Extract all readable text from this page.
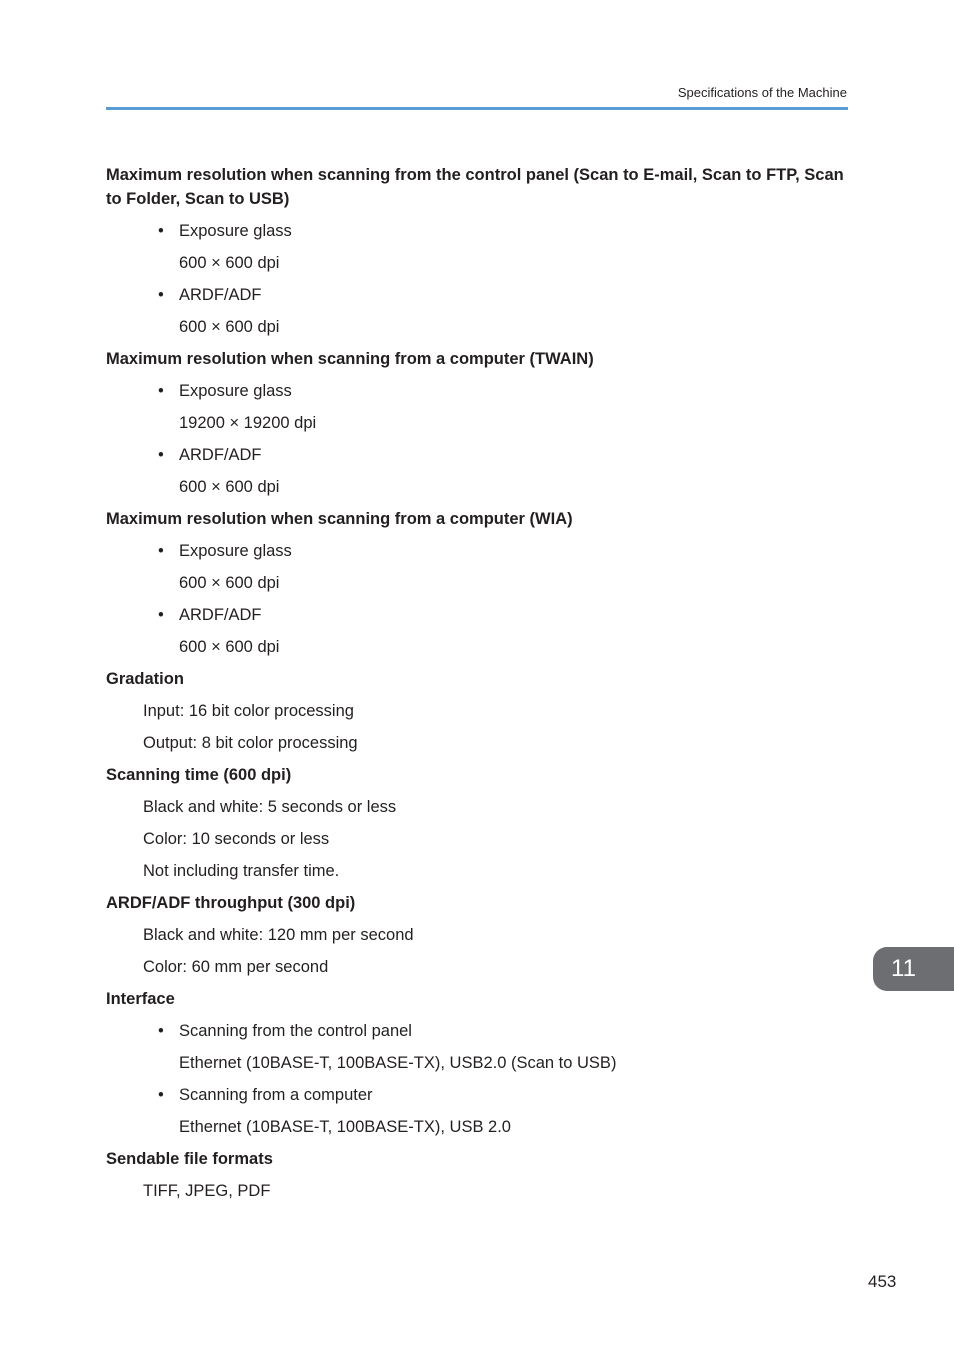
Specifications of the Machine
Maximum resolution when scanning from the control panel (Scan to E-mail, Scan to FTP, Scan to Folder, Scan to USB)
• Exposure glass
600 × 600 dpi
• ARDF/ADF
600 × 600 dpi
Maximum resolution when scanning from a computer (TWAIN)
• Exposure glass
19200 × 19200 dpi
• ARDF/ADF
600 × 600 dpi
Maximum resolution when scanning from a computer (WIA)
• Exposure glass
600 × 600 dpi
• ARDF/ADF
600 × 600 dpi
Gradation
Input: 16 bit color processing
Output: 8 bit color processing
Scanning time (600 dpi)
Black and white: 5 seconds or less
Color: 10 seconds or less
Not including transfer time.
ARDF/ADF throughput (300 dpi)
Black and white: 120 mm per second
Color: 60 mm per second
Interface
• Scanning from the control panel
Ethernet (10BASE-T, 100BASE-TX), USB2.0 (Scan to USB)
• Scanning from a computer
Ethernet (10BASE-T, 100BASE-TX), USB 2.0
Sendable file formats
TIFF, JPEG, PDF
11
453
